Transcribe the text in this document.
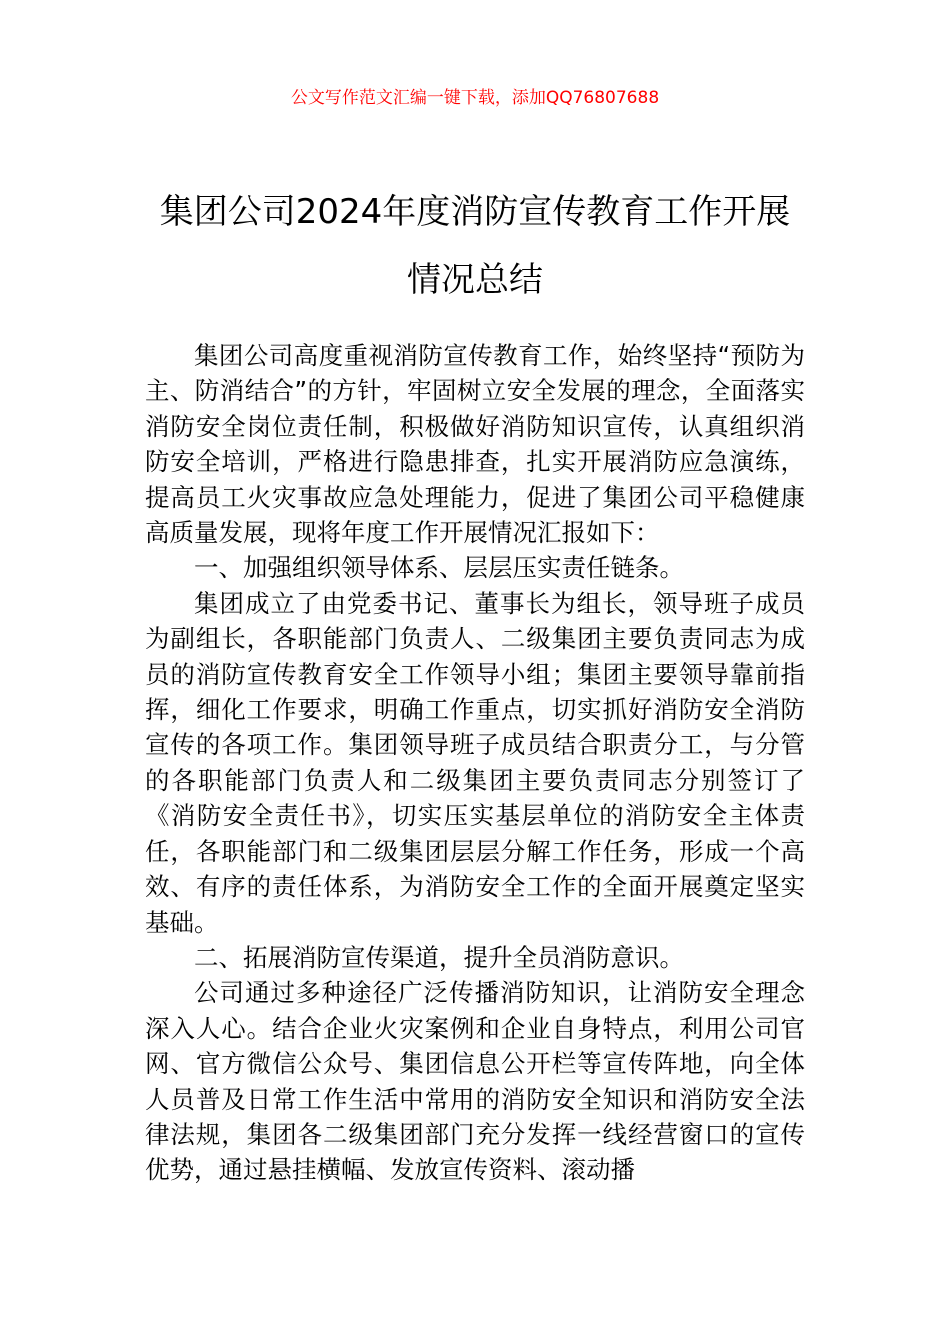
公文写作范文汇编一键下载，添加QQ76807688
集团公司2024年度消防宣传教育工作开展
情况总结

集团公司高度重视消防宣传教育工作，始终坚持“预防为主、防消结合”的方针，牢固树立安全发展的理念，全面落实消防安全岗位责任制，积极做好消防知识宣传，认真组织消防安全培训，严格进行隐患排查，扎实开展消防应急演练，提高员工火灾事故应急处理能力，促进了集团公司平稳健康高质量发展，现将年度工作开展情况汇报如下：

一、加强组织领导体系、层层压实责任链条。

集团成立了由党委书记、董事长为组长，领导班子成员为副组长，各职能部门负责人、二级集团主要负责同志为成员的消防宣传教育安全工作领导小组；集团主要领导靠前指挥，细化工作要求，明确工作重点，切实抓好消防安全消防宣传的各项工作。集团领导班子成员结合职责分工，与分管的各职能部门负责人和二级集团主要负责同志分别签订了《消防安全责任书》，切实压实基层单位的消防安全主体责任，各职能部门和二级集团层层分解工作任务，形成一个高效、有序的责任体系，为消防安全工作的全面开展奠定坚实基础。

二、拓展消防宣传渠道，提升全员消防意识。

公司通过多种途径广泛传播消防知识，让消防安全理念深入人心。结合企业火灾案例和企业自身特点，利用公司官网、官方微信公众号、集团信息公开栏等宣传阵地，向全体人员普及日常工作生活中常用的消防安全知识和消防安全法律法规，集团各二级集团部门充分发挥一线经营窗口的宣传优势，通过悬挂横幅、发放宣传资料、滚动播
